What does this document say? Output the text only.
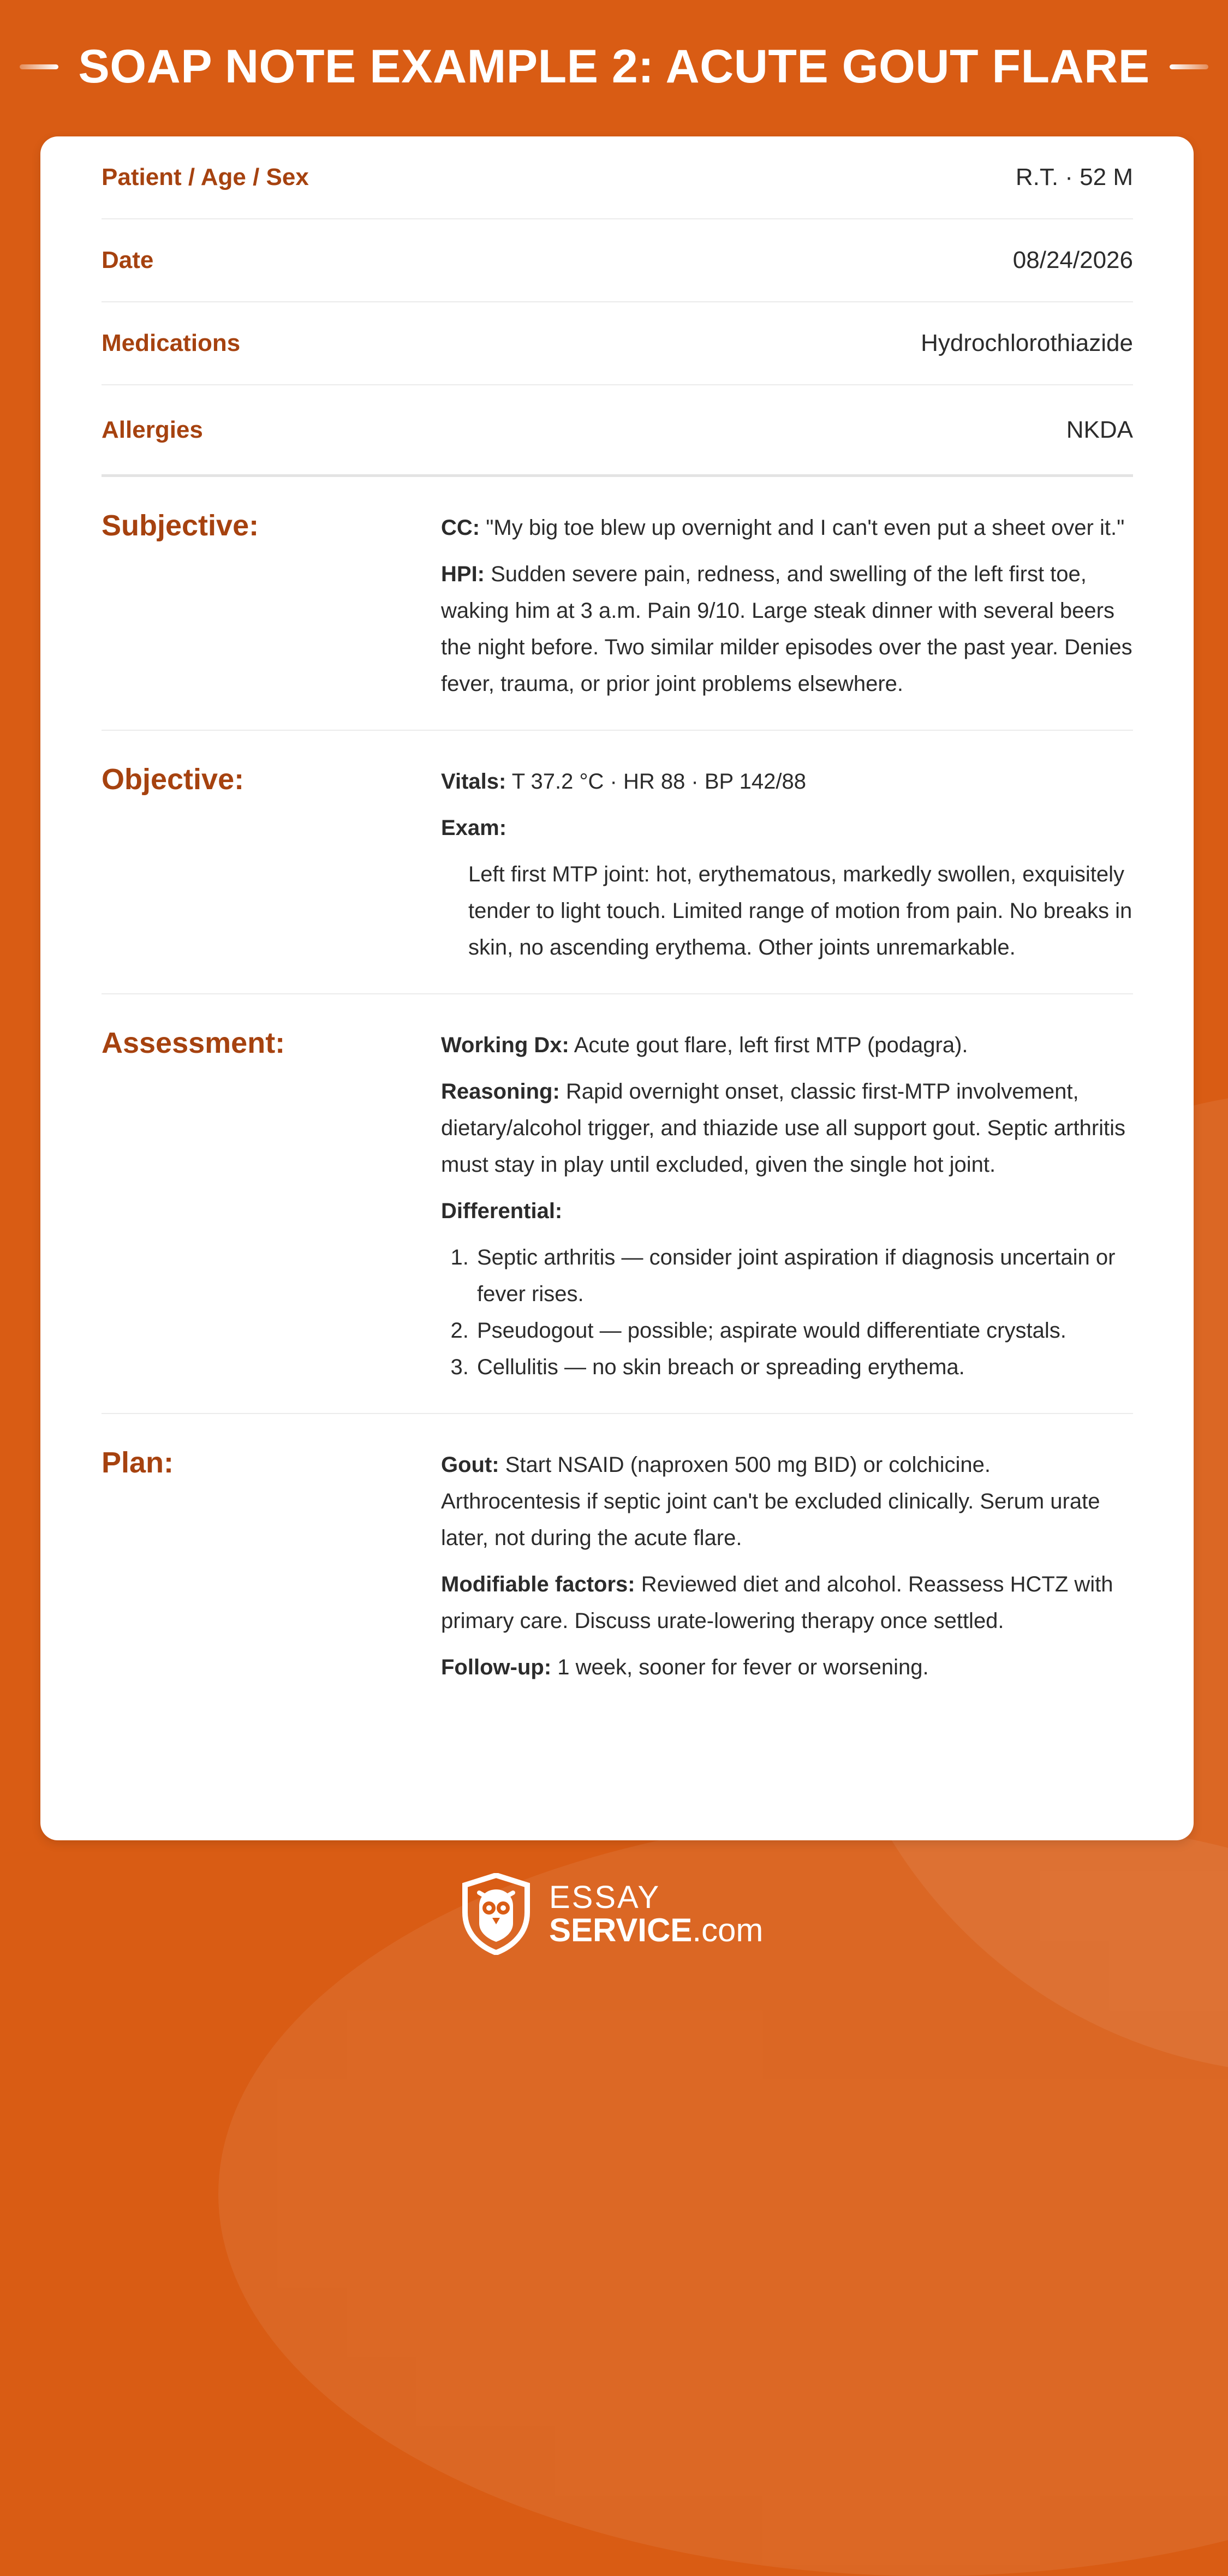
SOAP NOTE EXAMPLE 2: ACUTE GOUT FLARE
Patient / Age / Sex	R.T. · 52 M
Date	08/24/2026
Medications	Hydrochlorothiazide
Allergies	NKDA
Subjective:	CC: "My big toe blew up overnight and I can't even put a sheet over it."

HPI: Sudden severe pain, redness, and swelling of the left first toe, waking him at 3 a.m. Pain 9/10. Large steak dinner with several beers the night before. Two similar milder episodes over the past year. Denies fever, trauma, or prior joint problems elsewhere.

Objective:	Vitals: T 37.2 °C · HR 88 · BP 142/88

Exam:

Left first MTP joint: hot, erythematous, markedly swollen, exquisitely tender to light touch. Limited range of motion from pain. No breaks in skin, no ascending erythema. Other joints unremarkable.

Assessment:	Working Dx: Acute gout flare, left first MTP (podagra).

Reasoning: Rapid overnight onset, classic first-MTP involvement, dietary/alcohol trigger, and thiazide use all support gout. Septic arthritis must stay in play until excluded, given the single hot joint.

Differential:

1. Septic arthritis — consider joint aspiration if diagnosis uncertain or fever rises.
2. Pseudogout — possible; aspirate would differentiate crystals.
3. Cellulitis — no skin breach or spreading erythema.
Plan:	Gout: Start NSAID (naproxen 500 mg BID) or colchicine. Arthrocentesis if septic joint can't be excluded clinically. Serum urate later, not during the acute flare.

Modifiable factors: Reviewed diet and alcohol. Reassess HCTZ with primary care. Discuss urate-lowering therapy once settled.

Follow-up: 1 week, sooner for fever or worsening.

ESSAY
SERVICE.com
